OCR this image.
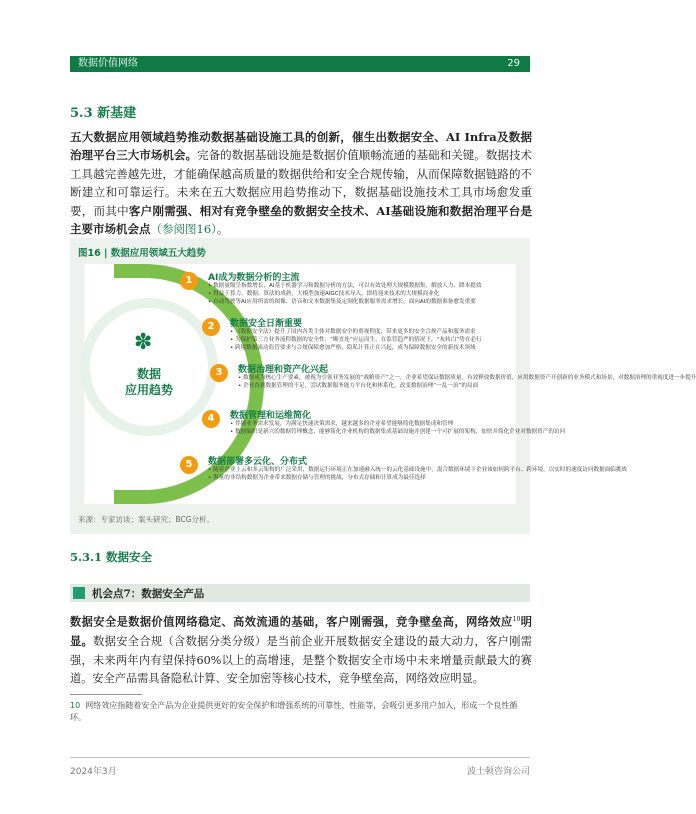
数据价值网络	29
5.3 新基建
五大数据应用领域趋势推动数据基础设施工具的创新，催生出数据安全、AI Infra及数据治理平台三大市场机会。完备的数据基础设施是数据价值顺畅流通的基础和关键。数据技术工具越完善越先进，才能确保越高质量的数据供给和安全合规传输，从而保障数据链路的不断建立和可靠运行。未来在五大数据应用趋势推动下，数据基础设施技术工具市场愈发重要，而其中客户刚需强、相对有竞争壁垒的数据安全技术、AI基础设施和数据治理平台是主要市场机会点（参阅图16）。
图16 | 数据应用领域五大趋势
✽
数据
应用趋势
1	AI成为数据分析的主流
• 数据量级呈指数增长，AI基于机器学习和数据分析的方法，可以有效处理大规模数据集，解放人力、降本提效
• 得益于算力、数据、算法的成熟，大模型加速AIGC技术导入，即将迎来技术的大规模商业化
• 自动驾驶等AI应用所需的图像、语音和文本数据集及定制化数据服务需求增长，面向AI的数据准备愈发重要
2	数据安全日渐重要
• 《数据安全法》提升了国内各类主体对数据安全的重视程度，带来更多的安全合规产品和服务需求
• 为保护第三方业务流程数据的安全性，“断直连”应运而生，在监管趋严的情况下，“灰转白”势在必行
• 跨境数据流动监管要求与合规保障愈加严格，隐私计算正在兴起，成为保障数据安全的新技术领域
3	数据治理和资产化兴起
• 数据成为核心生产要素，被视为引领业务发展的“战略资产”之一，企业希望保证数据质量，有效释放数据价值，应用数据资产开创新的业务模式和场景，对数据治理的重视度进一步提升
• 企业直到数据管理的不足，尝试数据服务能力平台化和体系化，改变数据治理“一乱一治”的局面
4	数据管理和运维简化
• 伴随业务需求发展，为满足快速决策需求，越来越多的企业希望能够简化数据集成和管理
• 数据编织是新兴的数据管理概念，能够简化企业机构的数据集成基础设施并创建一个可扩展的架构，加快并简化企业对数据资产的访问
5	数据部署多云化、分布式
• 随着企业上云和多云架构的广泛采用，数据运行环境正在加速融入统一的云化基础设施中，混合数据环境下企业该如何跨平台、跨环境，以实时的速度访问数据面临挑战
• 海量的非结构数据为企业带来数据存储与管理的挑战，分布式存储和计算成为最佳选择
来源：专家访谈；案头研究；BCG分析。
5.3.1 数据安全
机会点7：数据安全产品
数据安全是数据价值网络稳定、高效流通的基础，客户刚需强，竞争壁垒高，网络效应$^{10}$明显。数据安全合规（含数据分类分级）是当前企业开展数据安全建设的最大动力，客户刚需强，未来两年内有望保持60%以上的高增速，是整个数据安全市场中未来增量贡献最大的赛道。安全产品需具备隐私计算、安全加密等核心技术，竞争壁垒高，网络效应明显。
10 网络效应指随着安全产品为企业提供更好的安全保护和增强系统的可靠性、性能等，会吸引更多用户加入，形成一个良性循环。
2024年3月	波士顿咨询公司
